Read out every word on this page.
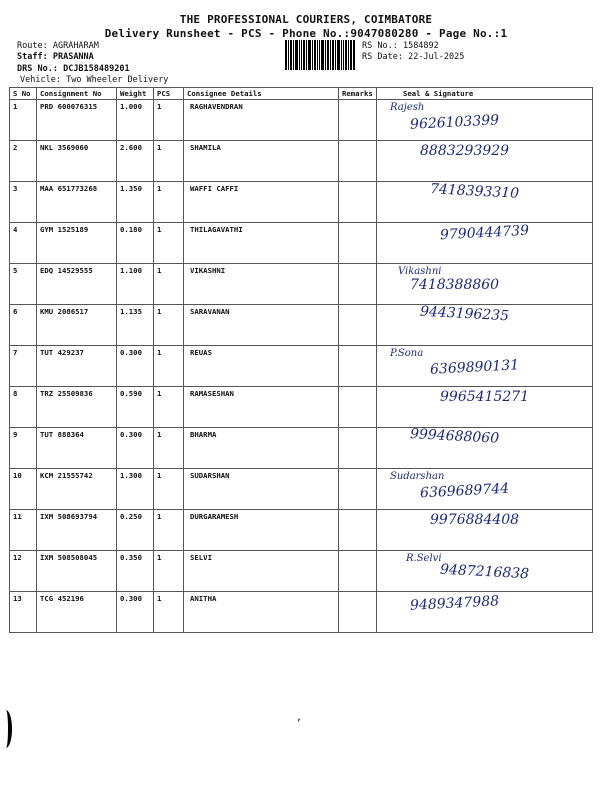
THE PROFESSIONAL COURIERS, COIMBATORE
Delivery Runsheet - PCS - Phone No.:9047080280 - Page No.:1
Route: AGRAHARAM
Staff: PRASANNA
DRS No.: DCJB158489201
Vehicle: Two Wheeler Delivery
RS No.: 1584892
RS Date: 22-Jul-2025
S No	Consignment No	Weight	PCS	Consignee Details	Remarks	Seal & Signature
1	PRD 600076315	1.000	1	RAGHAVENDRAN		Rajesh
9626103399

2	NKL 3569060	2.600	1	SHAMILA		8883293929

3	MAA 651773268	1.350	1	WAFFI CAFFI		7418393310

4	GYM 1525189	0.180	1	THILAGAVATHI		9790444739

5	EDQ 14529555	1.100	1	VIKASHNI		Vikashni
7418388860

6	KMU 2086517	1.135	1	SARAVANAN		9443196235

7	TUT 429237	0.300	1	REUAS		P.Sona
6369890131

8	TRZ 25509836	0.590	1	RAMASESHAN		9965415271

9	TUT 888364	0.300	1	BHARMA		9994688060

10	KCM 21555742	1.300	1	SUDARSHAN		Sudarshan
6369689744

11	IXM 508693794	0.250	1	DURGARAMESH		9976884408

12	IXM 508508045	0.350	1	SELVI		R.Selvi
9487216838

13	TCG 452196	0.300	1	ANITHA		9489347988
,
